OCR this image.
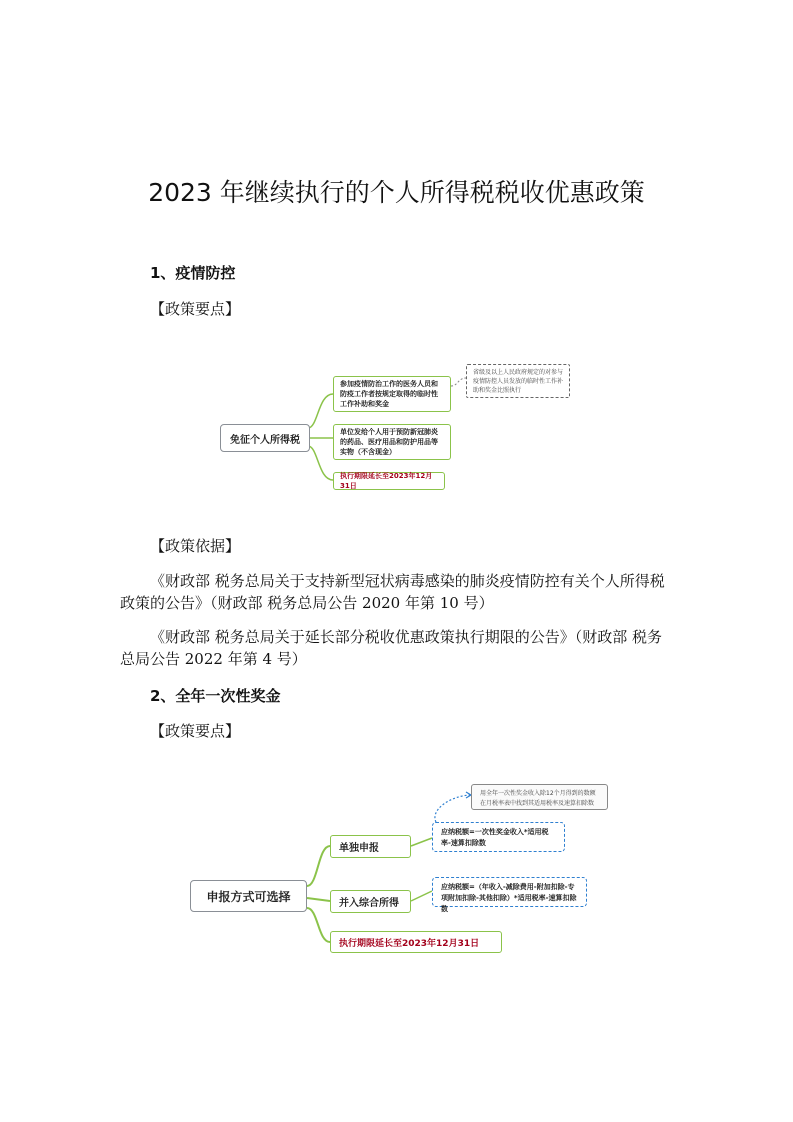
2023 年继续执行的个人所得税税收优惠政策
1、疫情防控
【政策要点】
免征个人所得税
参加疫情防治工作的医务人员和防疫工作者按规定取得的临时性工作补助和奖金
单位发给个人用于预防新冠肺炎的药品、医疗用品和防护用品等实物（不含现金）
执行期限延长至2023年12月31日
省级及以上人民政府规定的对参与疫情防控人员发放的临时性工作补助和奖金比照执行
【政策依据】
《财政部 税务总局关于支持新型冠状病毒感染的肺炎疫情防控有关个人所得税政策的公告》（财政部 税务总局公告 2020 年第 10 号）
《财政部 税务总局关于延长部分税收优惠政策执行期限的公告》（财政部 税务总局公告 2022 年第 4 号）
2、全年一次性奖金
【政策要点】
申报方式可选择
单独申报
并入综合所得
执行期限延长至2023年12月31日
用全年一次性奖金收入除12个月得到的数额在月税率表中找到其适用税率及速算扣除数
应纳税额=一次性奖金收入*适用税率-速算扣除数
应纳税额=（年收入-减除费用-附加扣除-专项附加扣除-其他扣除）*适用税率-速算扣除数
